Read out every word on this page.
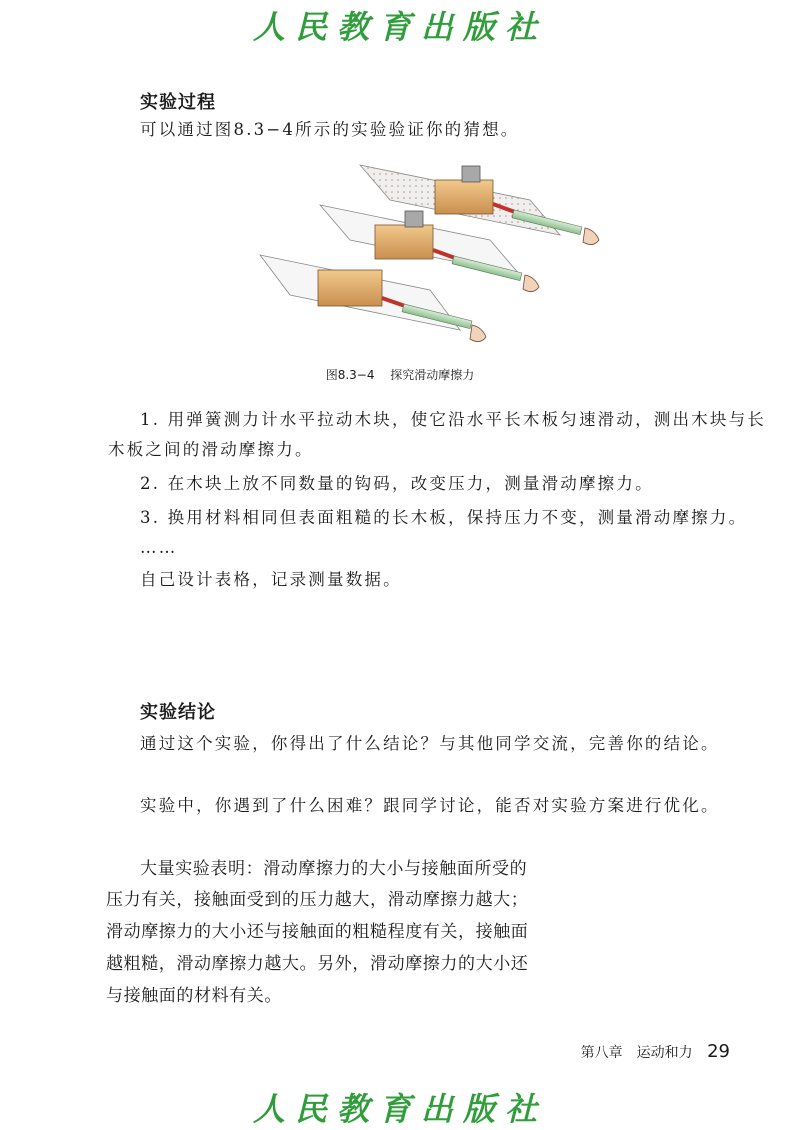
人民教育出版社
实验过程
可以通过图8.3−4所示的实验验证你的猜想。
图8.3−4 探究滑动摩擦力
1. 用弹簧测力计水平拉动木块，使它沿水平长木板匀速滑动，测出木块与长
木板之间的滑动摩擦力。
2. 在木块上放不同数量的钩码，改变压力，测量滑动摩擦力。
3. 换用材料相同但表面粗糙的长木板，保持压力不变，测量滑动摩擦力。
……
自己设计表格，记录测量数据。
实验结论
通过这个实验，你得出了什么结论？与其他同学交流，完善你的结论。
实验中，你遇到了什么困难？跟同学讨论，能否对实验方案进行优化。
大量实验表明：滑动摩擦力的大小与接触面所受的
压力有关，接触面受到的压力越大，滑动摩擦力越大；
滑动摩擦力的大小还与接触面的粗糙程度有关，接触面
越粗糙，滑动摩擦力越大。另外，滑动摩擦力的大小还
与接触面的材料有关。
第八章　运动和力 29
人民教育出版社
